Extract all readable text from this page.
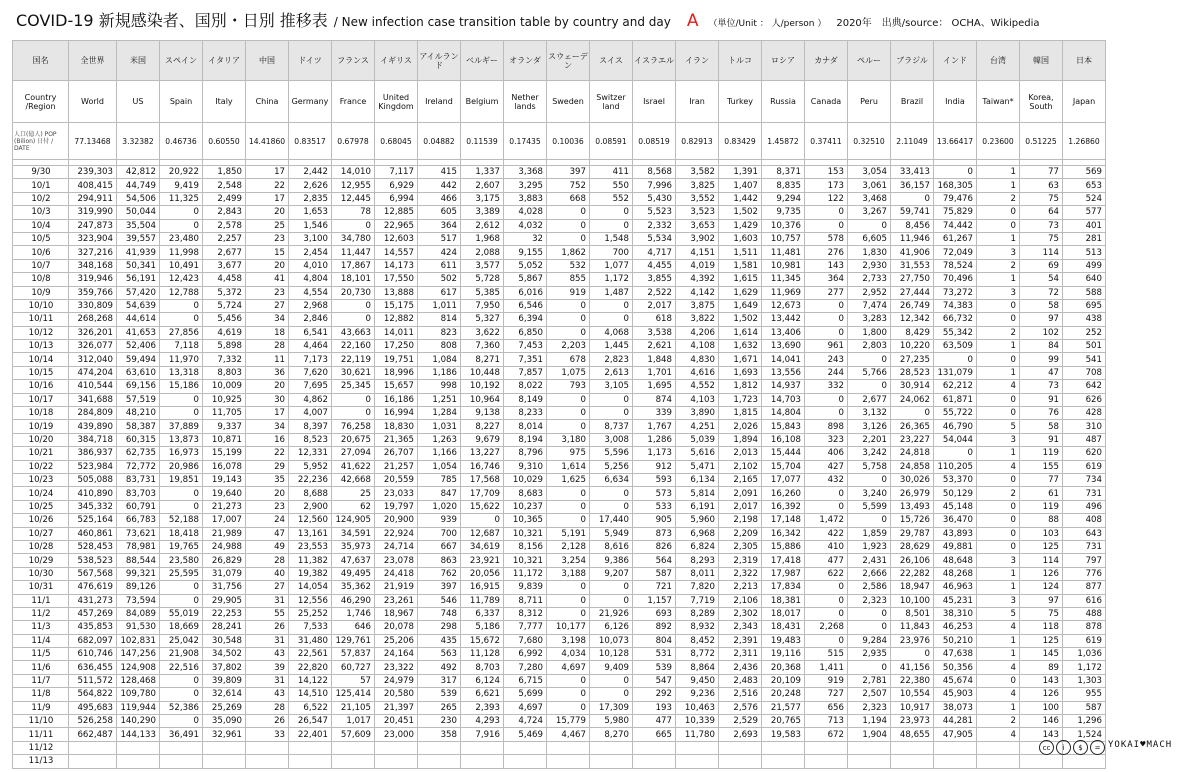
COVID-19 新規感染者、国別・日別 推移表 / New infection case transition table by country and day A （単位/Unit ： 人/person ） 2020年 出典/source： OCHA、Wikipedia
国名	全世界	米国	スペイン	イタリア	中国	ドイツ	フランス	イギリス	アイルランド	ベルギー	オランダ	スウェーデン	スイス	イスラエル	イラン	トルコ	ロシア	カナダ	ペルー	ブラジル	インド	台湾	韓国	日本
Country /Region	World	US	Spain	Italy	China	Germany	France	United Kingdom	Ireland	Belgium	Nether lands	Sweden	Switzer land	Israel	Iran	Turkey	Russia	Canada	Peru	Brazil	India	Taiwan*	Korea, South	Japan
人口(億人) POP (Bilion) 日付 / DATE	77.13468	3.32382	0.46736	0.60550	14.41860	0.83517	0.67978	0.68045	0.04882	0.11539	0.17435	0.10036	0.08591	0.08519	0.82913	0.83429	1.45872	0.37411	0.32510	2.11049	13.66417	0.23600	0.51225	1.26860

9/30	239,303	42,812	20,922	1,850	17	2,442	14,010	7,117	415	1,337	3,368	397	411	8,568	3,582	1,391	8,371	153	3,054	33,413	0	1	77	569
10/1	408,415	44,749	9,419	2,548	22	2,626	12,955	6,929	442	2,607	3,295	752	550	7,996	3,825	1,407	8,835	173	3,061	36,157	168,305	1	63	653
10/2	294,911	54,506	11,325	2,499	17	2,835	12,445	6,994	466	3,175	3,883	668	552	5,430	3,552	1,442	9,294	122	3,468	0	79,476	2	75	524
10/3	319,990	50,044	0	2,843	20	1,653	78	12,885	605	3,389	4,028	0	0	5,523	3,523	1,502	9,735	0	3,267	59,741	75,829	0	64	577
10/4	247,873	35,504	0	2,578	25	1,546	0	22,965	364	2,612	4,032	0	0	2,332	3,653	1,429	10,376	0	0	8,456	74,442	0	73	401
10/5	323,904	39,557	23,480	2,257	23	3,100	34,780	12,603	517	1,968	32	0	1,548	5,534	3,902	1,603	10,757	578	6,605	11,946	61,267	1	75	281
10/6	327,216	41,939	11,998	2,677	15	2,454	11,447	14,557	424	2,088	9,155	1,862	700	4,717	4,151	1,511	11,481	276	1,830	41,906	72,049	3	114	513
10/7	348,168	50,341	10,491	3,677	20	4,010	17,867	14,173	611	3,577	5,052	532	1,077	4,455	4,019	1,581	10,981	143	2,930	31,553	78,524	2	69	499
10/8	319,946	56,191	12,423	4,458	41	4,804	18,101	17,550	502	5,728	5,867	855	1,172	3,855	4,392	1,615	11,345	364	2,733	27,750	70,496	1	54	640
10/9	359,766	57,420	12,788	5,372	23	4,554	20,730	13,888	617	5,385	6,016	919	1,487	2,522	4,142	1,629	11,969	277	2,952	27,444	73,272	3	72	588
10/10	330,809	54,639	0	5,724	27	2,968	0	15,175	1,011	7,950	6,546	0	0	2,017	3,875	1,649	12,673	0	7,474	26,749	74,383	0	58	695
10/11	268,268	44,614	0	5,456	34	2,846	0	12,882	814	5,327	6,394	0	0	618	3,822	1,502	13,442	0	3,283	12,342	66,732	0	97	438
10/12	326,201	41,653	27,856	4,619	18	6,541	43,663	14,011	823	3,622	6,850	0	4,068	3,538	4,206	1,614	13,406	0	1,800	8,429	55,342	2	102	252
10/13	326,077	52,406	7,118	5,898	28	4,464	22,160	17,250	808	7,360	7,453	2,203	1,445	2,621	4,108	1,632	13,690	961	2,803	10,220	63,509	1	84	501
10/14	312,040	59,494	11,970	7,332	11	7,173	22,119	19,751	1,084	8,271	7,351	678	2,823	1,848	4,830	1,671	14,041	243	0	27,235	0	0	99	541
10/15	474,204	63,610	13,318	8,803	36	7,620	30,621	18,996	1,186	10,448	7,857	1,075	2,613	1,701	4,616	1,693	13,556	244	5,766	28,523	131,079	1	47	708
10/16	410,544	69,156	15,186	10,009	20	7,695	25,345	15,657	998	10,192	8,022	793	3,105	1,695	4,552	1,812	14,937	332	0	30,914	62,212	4	73	642
10/17	341,688	57,519	0	10,925	30	4,862	0	16,186	1,251	10,964	8,149	0	0	874	4,103	1,723	14,703	0	2,677	24,062	61,871	0	91	626
10/18	284,809	48,210	0	11,705	17	4,007	0	16,994	1,284	9,138	8,233	0	0	339	3,890	1,815	14,804	0	3,132	0	55,722	0	76	428
10/19	439,890	58,387	37,889	9,337	34	8,397	76,258	18,830	1,031	8,227	8,014	0	8,737	1,767	4,251	2,026	15,843	898	3,126	26,365	46,790	5	58	310
10/20	384,718	60,315	13,873	10,871	16	8,523	20,675	21,365	1,263	9,679	8,194	3,180	3,008	1,286	5,039	1,894	16,108	323	2,201	23,227	54,044	3	91	487
10/21	386,937	62,735	16,973	15,199	22	12,331	27,094	26,707	1,166	13,227	8,796	975	5,596	1,173	5,616	2,013	15,444	406	3,242	24,818	0	1	119	620
10/22	523,984	72,772	20,986	16,078	29	5,952	41,622	21,257	1,054	16,746	9,310	1,614	5,256	912	5,471	2,102	15,704	427	5,758	24,858	110,205	4	155	619
10/23	505,088	83,731	19,851	19,143	35	22,236	42,668	20,559	785	17,568	10,029	1,625	6,634	593	6,134	2,165	17,077	432	0	30,026	53,370	0	77	734
10/24	410,890	83,703	0	19,640	20	8,688	25	23,033	847	17,709	8,683	0	0	573	5,814	2,091	16,260	0	3,240	26,979	50,129	2	61	731
10/25	345,332	60,791	0	21,273	23	2,900	62	19,797	1,020	15,622	10,237	0	0	533	6,191	2,017	16,392	0	5,599	13,493	45,148	0	119	496
10/26	525,164	66,783	52,188	17,007	24	12,560	124,905	20,900	939	0	10,365	0	17,440	905	5,960	2,198	17,148	1,472	0	15,726	36,470	0	88	408
10/27	460,861	73,621	18,418	21,989	47	13,161	34,591	22,924	700	12,687	10,321	5,191	5,949	873	6,968	2,209	16,342	422	1,859	29,787	43,893	0	103	643
10/28	528,453	78,981	19,765	24,988	49	23,553	35,973	24,714	667	34,619	8,156	2,128	8,616	826	6,824	2,305	15,886	410	1,923	28,629	49,881	0	125	731
10/29	538,523	88,544	23,580	26,829	28	11,382	47,637	23,078	863	23,921	10,321	3,254	9,386	564	8,293	2,319	17,418	477	2,431	26,106	48,648	3	114	797
10/30	567,568	99,321	25,595	31,079	40	19,382	49,495	24,418	762	20,056	11,172	3,188	9,207	587	8,011	2,322	17,987	622	2,666	22,282	48,268	1	126	776
10/31	476,619	89,126	0	31,756	27	14,054	35,362	21,919	397	16,915	9,839	0	0	721	7,820	2,213	17,834	0	2,586	18,947	46,963	1	124	877
11/1	431,273	73,594	0	29,905	31	12,556	46,290	23,261	546	11,789	8,711	0	0	1,157	7,719	2,106	18,381	0	2,323	10,100	45,231	3	97	616
11/2	457,269	84,089	55,019	22,253	55	25,252	1,746	18,967	748	6,337	8,312	0	21,926	693	8,289	2,302	18,017	0	0	8,501	38,310	5	75	488
11/3	435,853	91,530	18,669	28,241	26	7,533	646	20,078	298	5,186	7,777	10,177	6,126	892	8,932	2,343	18,431	2,268	0	11,843	46,253	4	118	878
11/4	682,097	102,831	25,042	30,548	31	31,480	129,761	25,206	435	15,672	7,680	3,198	10,073	804	8,452	2,391	19,483	0	9,284	23,976	50,210	1	125	619
11/5	610,746	147,256	21,908	34,502	43	22,561	57,837	24,164	563	11,128	6,992	4,034	10,128	531	8,772	2,311	19,116	515	2,935	0	47,638	1	145	1,036
11/6	636,455	124,908	22,516	37,802	39	22,820	60,727	23,322	492	8,703	7,280	4,697	9,409	539	8,864	2,436	20,368	1,411	0	41,156	50,356	4	89	1,172
11/7	511,572	128,468	0	39,809	31	14,122	57	24,979	317	6,124	6,715	0	0	547	9,450	2,483	20,109	919	2,781	22,380	45,674	0	143	1,303
11/8	564,822	109,780	0	32,614	43	14,510	125,414	20,580	539	6,621	5,699	0	0	292	9,236	2,516	20,248	727	2,507	10,554	45,903	4	126	955
11/9	495,683	119,944	52,386	25,269	28	6,522	21,105	21,397	265	2,393	4,697	0	17,309	193	10,463	2,576	21,577	656	2,323	10,917	38,073	1	100	587
11/10	526,258	140,290	0	35,090	26	26,547	1,017	20,451	230	4,293	4,724	15,779	5,980	477	10,339	2,529	20,765	713	1,194	23,973	44,281	2	146	1,296
11/11	662,487	144,133	36,491	32,961	33	22,401	57,609	23,000	358	7,916	5,469	4,467	8,270	665	11,780	2,693	19,583	672	1,904	48,655	47,905	4	143	1,524
11/12																								
11/13																								
cc	i	$	= YOKAI♥MACH
